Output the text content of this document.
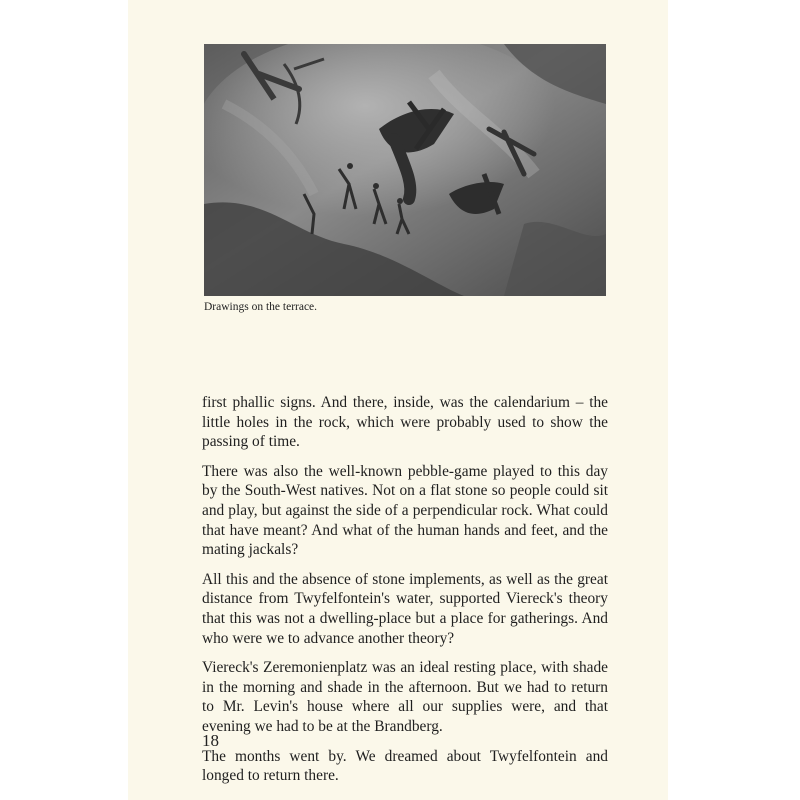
Drawings on the terrace.

first phallic signs. And there, inside, was the calendarium – the little holes in the rock, which were probably used to show the passing of time.

There was also the well-known pebble-game played to this day by the South-West natives. Not on a flat stone so people could sit and play, but against the side of a perpendicular rock. What could that have meant? And what of the human hands and feet, and the mating jackals?

All this and the absence of stone implements, as well as the great distance from Twyfelfontein's water, supported Viereck's theory that this was not a dwelling-place but a place for gatherings. And who were we to advance another theory?

Viereck's Zeremonienplatz was an ideal resting place, with shade in the morning and shade in the afternoon. But we had to return to Mr. Levin's house where all our supplies were, and that evening we had to be at the Brandberg.

The months went by. We dreamed about Twyfelfontein and longed to return there.

18
